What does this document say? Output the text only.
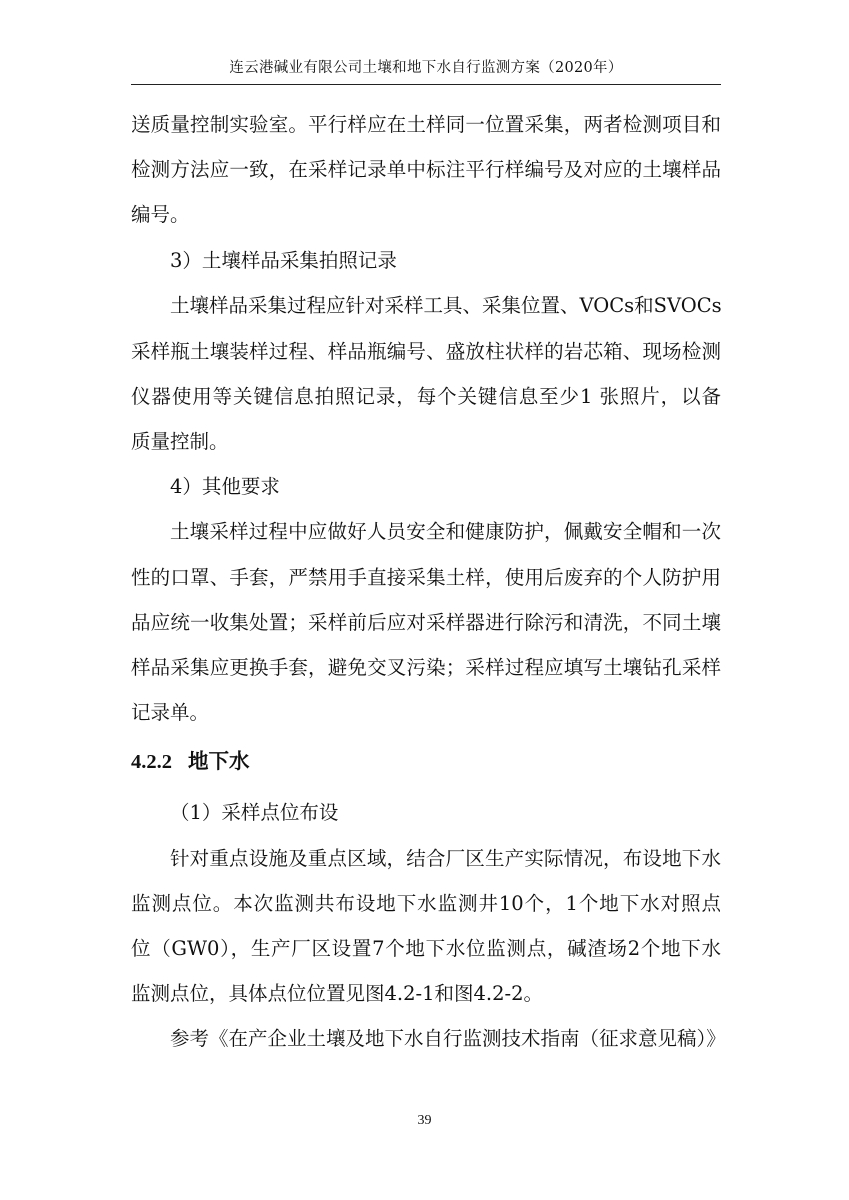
连云港碱业有限公司土壤和地下水自行监测方案（2020年）
送质量控制实验室。平行样应在土样同一位置采集，两者检测项目和
检测方法应一致，在采样记录单中标注平行样编号及对应的土壤样品
编号。
3）土壤样品采集拍照记录
土壤样品采集过程应针对采样工具、采集位置、VOCs和SVOCs
采样瓶土壤装样过程、样品瓶编号、盛放柱状样的岩芯箱、现场检测
仪器使用等关键信息拍照记录，每个关键信息至少1 张照片，以备
质量控制。
4）其他要求
土壤采样过程中应做好人员安全和健康防护，佩戴安全帽和一次
性的口罩、手套，严禁用手直接采集土样，使用后废弃的个人防护用
品应统一收集处置；采样前后应对采样器进行除污和清洗，不同土壤
样品采集应更换手套，避免交叉污染；采样过程应填写土壤钻孔采样
记录单。
4.2.2 地下水
（1）采样点位布设
针对重点设施及重点区域，结合厂区生产实际情况，布设地下水
监测点位。本次监测共布设地下水监测井10个，1个地下水对照点
位（GW0），生产厂区设置7个地下水位监测点，碱渣场2个地下水
监测点位，具体点位位置见图4.2-1和图4.2-2。
参考《在产企业土壤及地下水自行监测技术指南（征求意见稿）》
39
